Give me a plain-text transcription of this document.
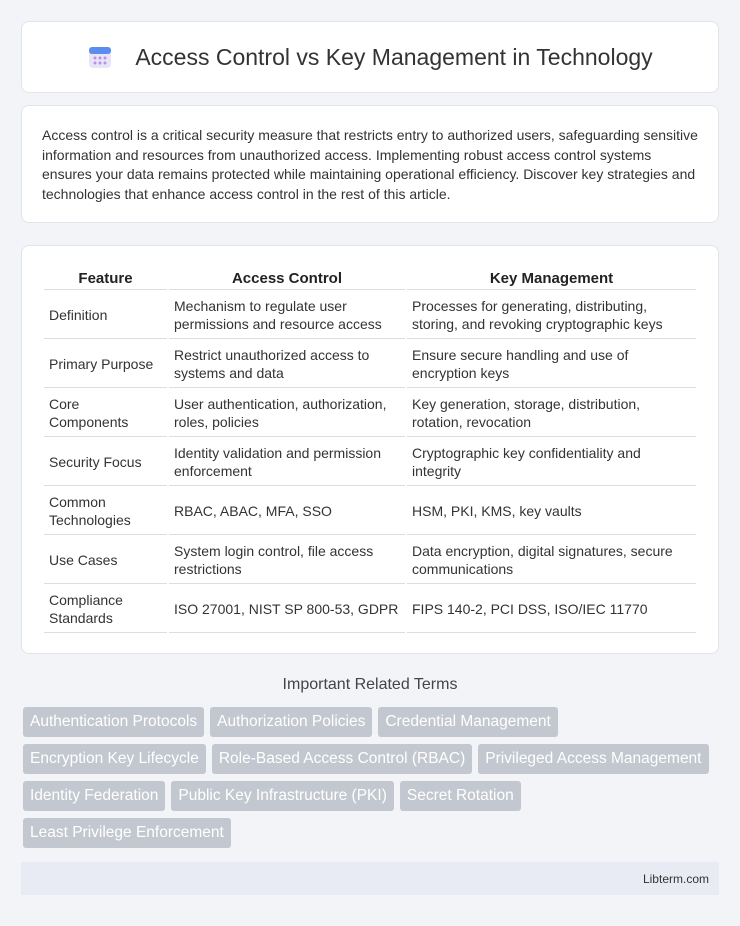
Access Control vs Key Management in Technology

Access control is a critical security measure that restricts entry to authorized users, safeguarding sensitive information and resources from unauthorized access. Implementing robust access control systems ensures your data remains protected while maintaining operational efficiency. Discover key strategies and technologies that enhance access control in the rest of this article.

Feature	Access Control	Key Management
Definition	Mechanism to regulate user permissions and resource access	Processes for generating, distributing, storing, and revoking cryptographic keys
Primary Purpose	Restrict unauthorized access to systems and data	Ensure secure handling and use of encryption keys
Core Components	User authentication, authorization, roles, policies	Key generation, storage, distribution, rotation, revocation
Security Focus	Identity validation and permission enforcement	Cryptographic key confidentiality and integrity
Common Technologies	RBAC, ABAC, MFA, SSO	HSM, PKI, KMS, key vaults
Use Cases	System login control, file access restrictions	Data encryption, digital signatures, secure communications
Compliance Standards	ISO 27001, NIST SP 800-53, GDPR	FIPS 140-2, PCI DSS, ISO/IEC 11770
Important Related Terms
Authentication Protocols	Authorization Policies	Credential Management
Encryption Key Lifecycle	Role-Based Access Control (RBAC)	Privileged Access Management
Identity Federation	Public Key Infrastructure (PKI)	Secret Rotation
Least Privilege Enforcement
Libterm.com
